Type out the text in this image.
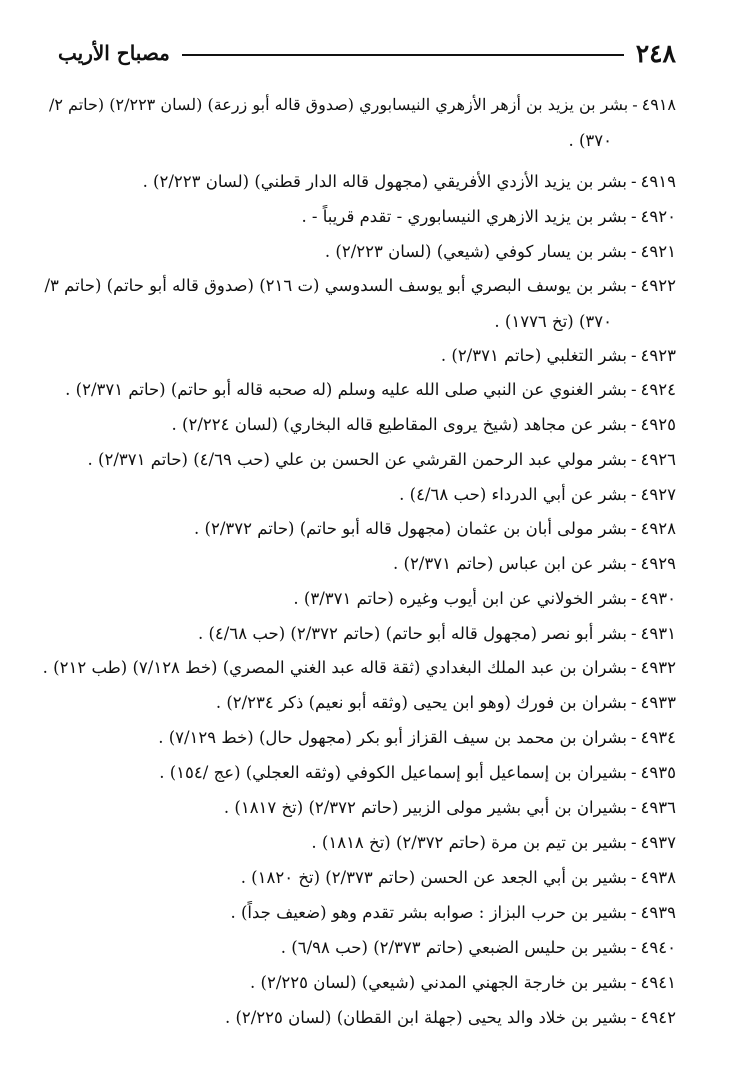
٢٤٨
مصباح الأريب
٤٩١٨-بشر بن يزيد بن أزهر الأزهري النيسابوري (صدوق قاله أبو زرعة) (لسان ٢/٢٢٣) (حاتم ٢/
٣٧٠) .
٤٩١٩-بشر بن يزيد الأزدي الأفريقي (مجهول قاله الدار قطني) (لسان ٢/٢٢٣) .
٤٩٢٠-بشر بن يزيد الازهري النيسابوري - تقدم قريباً - .
٤٩٢١-بشر بن يسار كوفي (شيعي) (لسان ٢/٢٢٣) .
٤٩٢٢-بشر بن يوسف البصري أبو يوسف السدوسي (ت ٢١٦) (صدوق قاله أبو حاتم) (حاتم ٣/
٣٧٠) (تخ ١٧٧٦) .
٤٩٢٣-بشر التغلبي (حاتم ٢/٣٧١) .
٤٩٢٤-بشر الغنوي عن النبي صلى الله عليه وسلم (له صحبه قاله أبو حاتم) (حاتم ٢/٣٧١) .
٤٩٢٥-بشر عن مجاهد (شيخ يروى المقاطيع قاله البخاري) (لسان ٢/٢٢٤) .
٤٩٢٦-بشر مولي عبد الرحمن القرشي عن الحسن بن علي (حب ٤/٦٩) (حاتم ٢/٣٧١) .
٤٩٢٧-بشر عن أبي الدرداء (حب ٤/٦٨) .
٤٩٢٨-بشر مولى أبان بن عثمان (مجهول قاله أبو حاتم) (حاتم ٢/٣٧٢) .
٤٩٢٩-بشر عن ابن عباس (حاتم ٢/٣٧١) .
٤٩٣٠-بشر الخولاني عن ابن أيوب وغيره (حاتم ٣/٣٧١) .
٤٩٣١-بشر أبو نصر (مجهول قاله أبو حاتم) (حاتم ٢/٣٧٢) (حب ٤/٦٨) .
٤٩٣٢-بشران بن عبد الملك البغدادي (ثقة قاله عبد الغني المصري) (خط ٧/١٢٨) (طب ٢١٢) .
٤٩٣٣-بشران بن فورك (وهو ابن يحيى (وثقه أبو نعيم) ذكر ٢/٢٣٤) .
٤٩٣٤-بشران بن محمد بن سيف القزاز أبو بكر (مجهول حال) (خط ٧/١٢٩) .
٤٩٣٥-بشيران بن إسماعيل أبو إسماعيل الكوفي (وثقه العجلي) (عج /١٥٤) .
٤٩٣٦-بشيران بن أبي بشير مولى الزبير (حاتم ٢/٣٧٢) (تخ ١٨١٧) .
٤٩٣٧-بشير بن تيم بن مرة (حاتم ٢/٣٧٢) (تخ ١٨١٨) .
٤٩٣٨-بشير بن أبي الجعد عن الحسن (حاتم ٢/٣٧٣) (تخ ١٨٢٠) .
٤٩٣٩-بشير بن حرب البزاز : صوابه بشر تقدم وهو (ضعيف جداً) .
٤٩٤٠-بشير بن حليس الضبعي (حاتم ٢/٣٧٣) (حب ٦/٩٨) .
٤٩٤١-بشير بن خارجة الجهني المدني (شيعي) (لسان ٢/٢٢٥) .
٤٩٤٢-بشير بن خلاد والد يحيى (جهلة ابن القطان) (لسان ٢/٢٢٥) .
